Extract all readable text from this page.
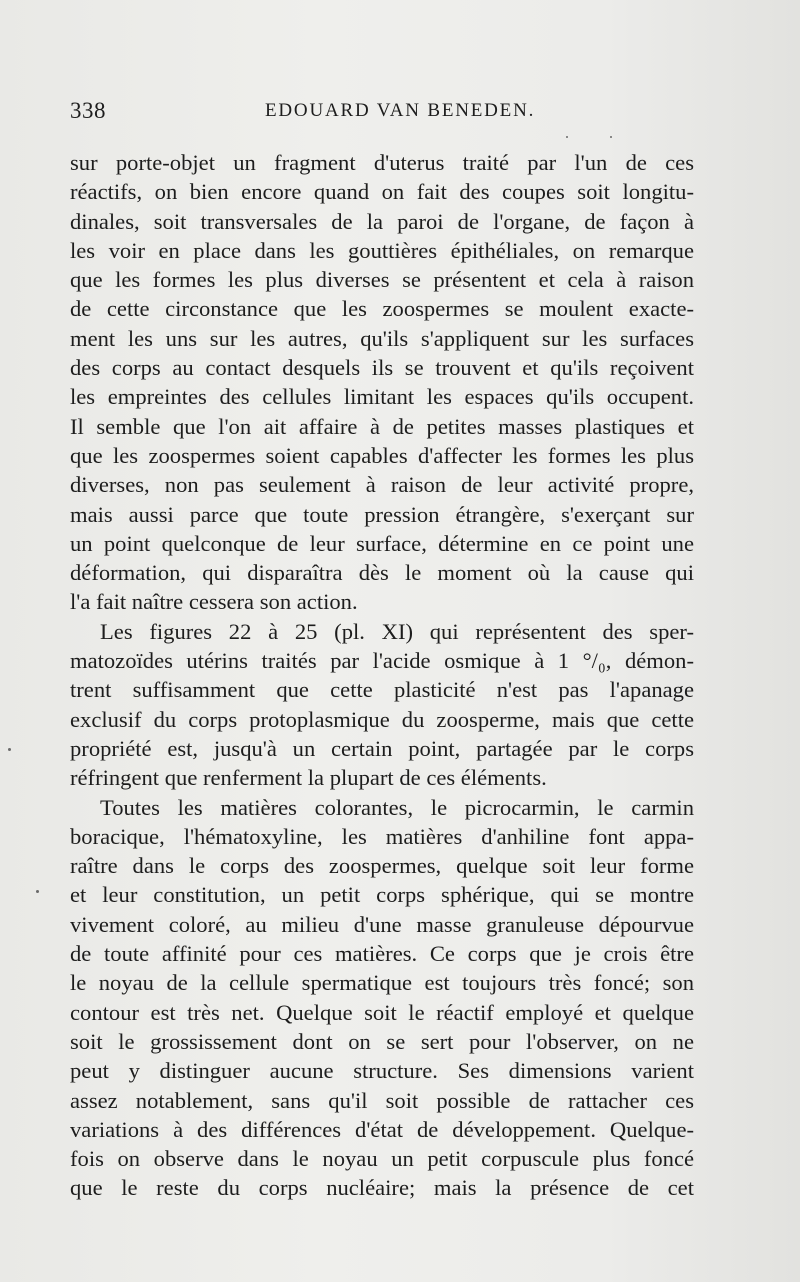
338	EDOUARD VAN BENEDEN.
sur porte-objet un fragment d'uterus traité par l'un de ces
réactifs, on bien encore quand on fait des coupes soit longitu-
dinales, soit transversales de la paroi de l'organe, de façon à
les voir en place dans les gouttières épithéliales, on remarque
que les formes les plus diverses se présentent et cela à raison
de cette circonstance que les zoospermes se moulent exacte-
ment les uns sur les autres, qu'ils s'appliquent sur les surfaces
des corps au contact desquels ils se trouvent et qu'ils reçoivent
les empreintes des cellules limitant les espaces qu'ils occupent.
Il semble que l'on ait affaire à de petites masses plastiques et
que les zoospermes soient capables d'affecter les formes les plus
diverses, non pas seulement à raison de leur activité propre,
mais aussi parce que toute pression étrangère, s'exerçant sur
un point quelconque de leur surface, détermine en ce point une
déformation, qui disparaîtra dès le moment où la cause qui
l'a fait naître cessera son action.
Les figures 22 à 25 (pl. XI) qui représentent des sper-
matozoïdes utérins traités par l'acide osmique à 1 °/₀, démon-
trent suffisamment que cette plasticité n'est pas l'apanage
exclusif du corps protoplasmique du zoosperme, mais que cette
propriété est, jusqu'à un certain point, partagée par le corps
réfringent que renferment la plupart de ces éléments.
Toutes les matières colorantes, le picrocarmin, le carmin
boracique, l'hématoxyline, les matières d'anhiline font appa-
raître dans le corps des zoospermes, quelque soit leur forme
et leur constitution, un petit corps sphérique, qui se montre
vivement coloré, au milieu d'une masse granuleuse dépourvue
de toute affinité pour ces matières. Ce corps que je crois être
le noyau de la cellule spermatique est toujours très foncé; son
contour est très net. Quelque soit le réactif employé et quelque
soit le grossissement dont on se sert pour l'observer, on ne
peut y distinguer aucune structure. Ses dimensions varient
assez notablement, sans qu'il soit possible de rattacher ces
variations à des différences d'état de développement. Quelque-
fois on observe dans le noyau un petit corpuscule plus foncé
que le reste du corps nucléaire; mais la présence de cet
